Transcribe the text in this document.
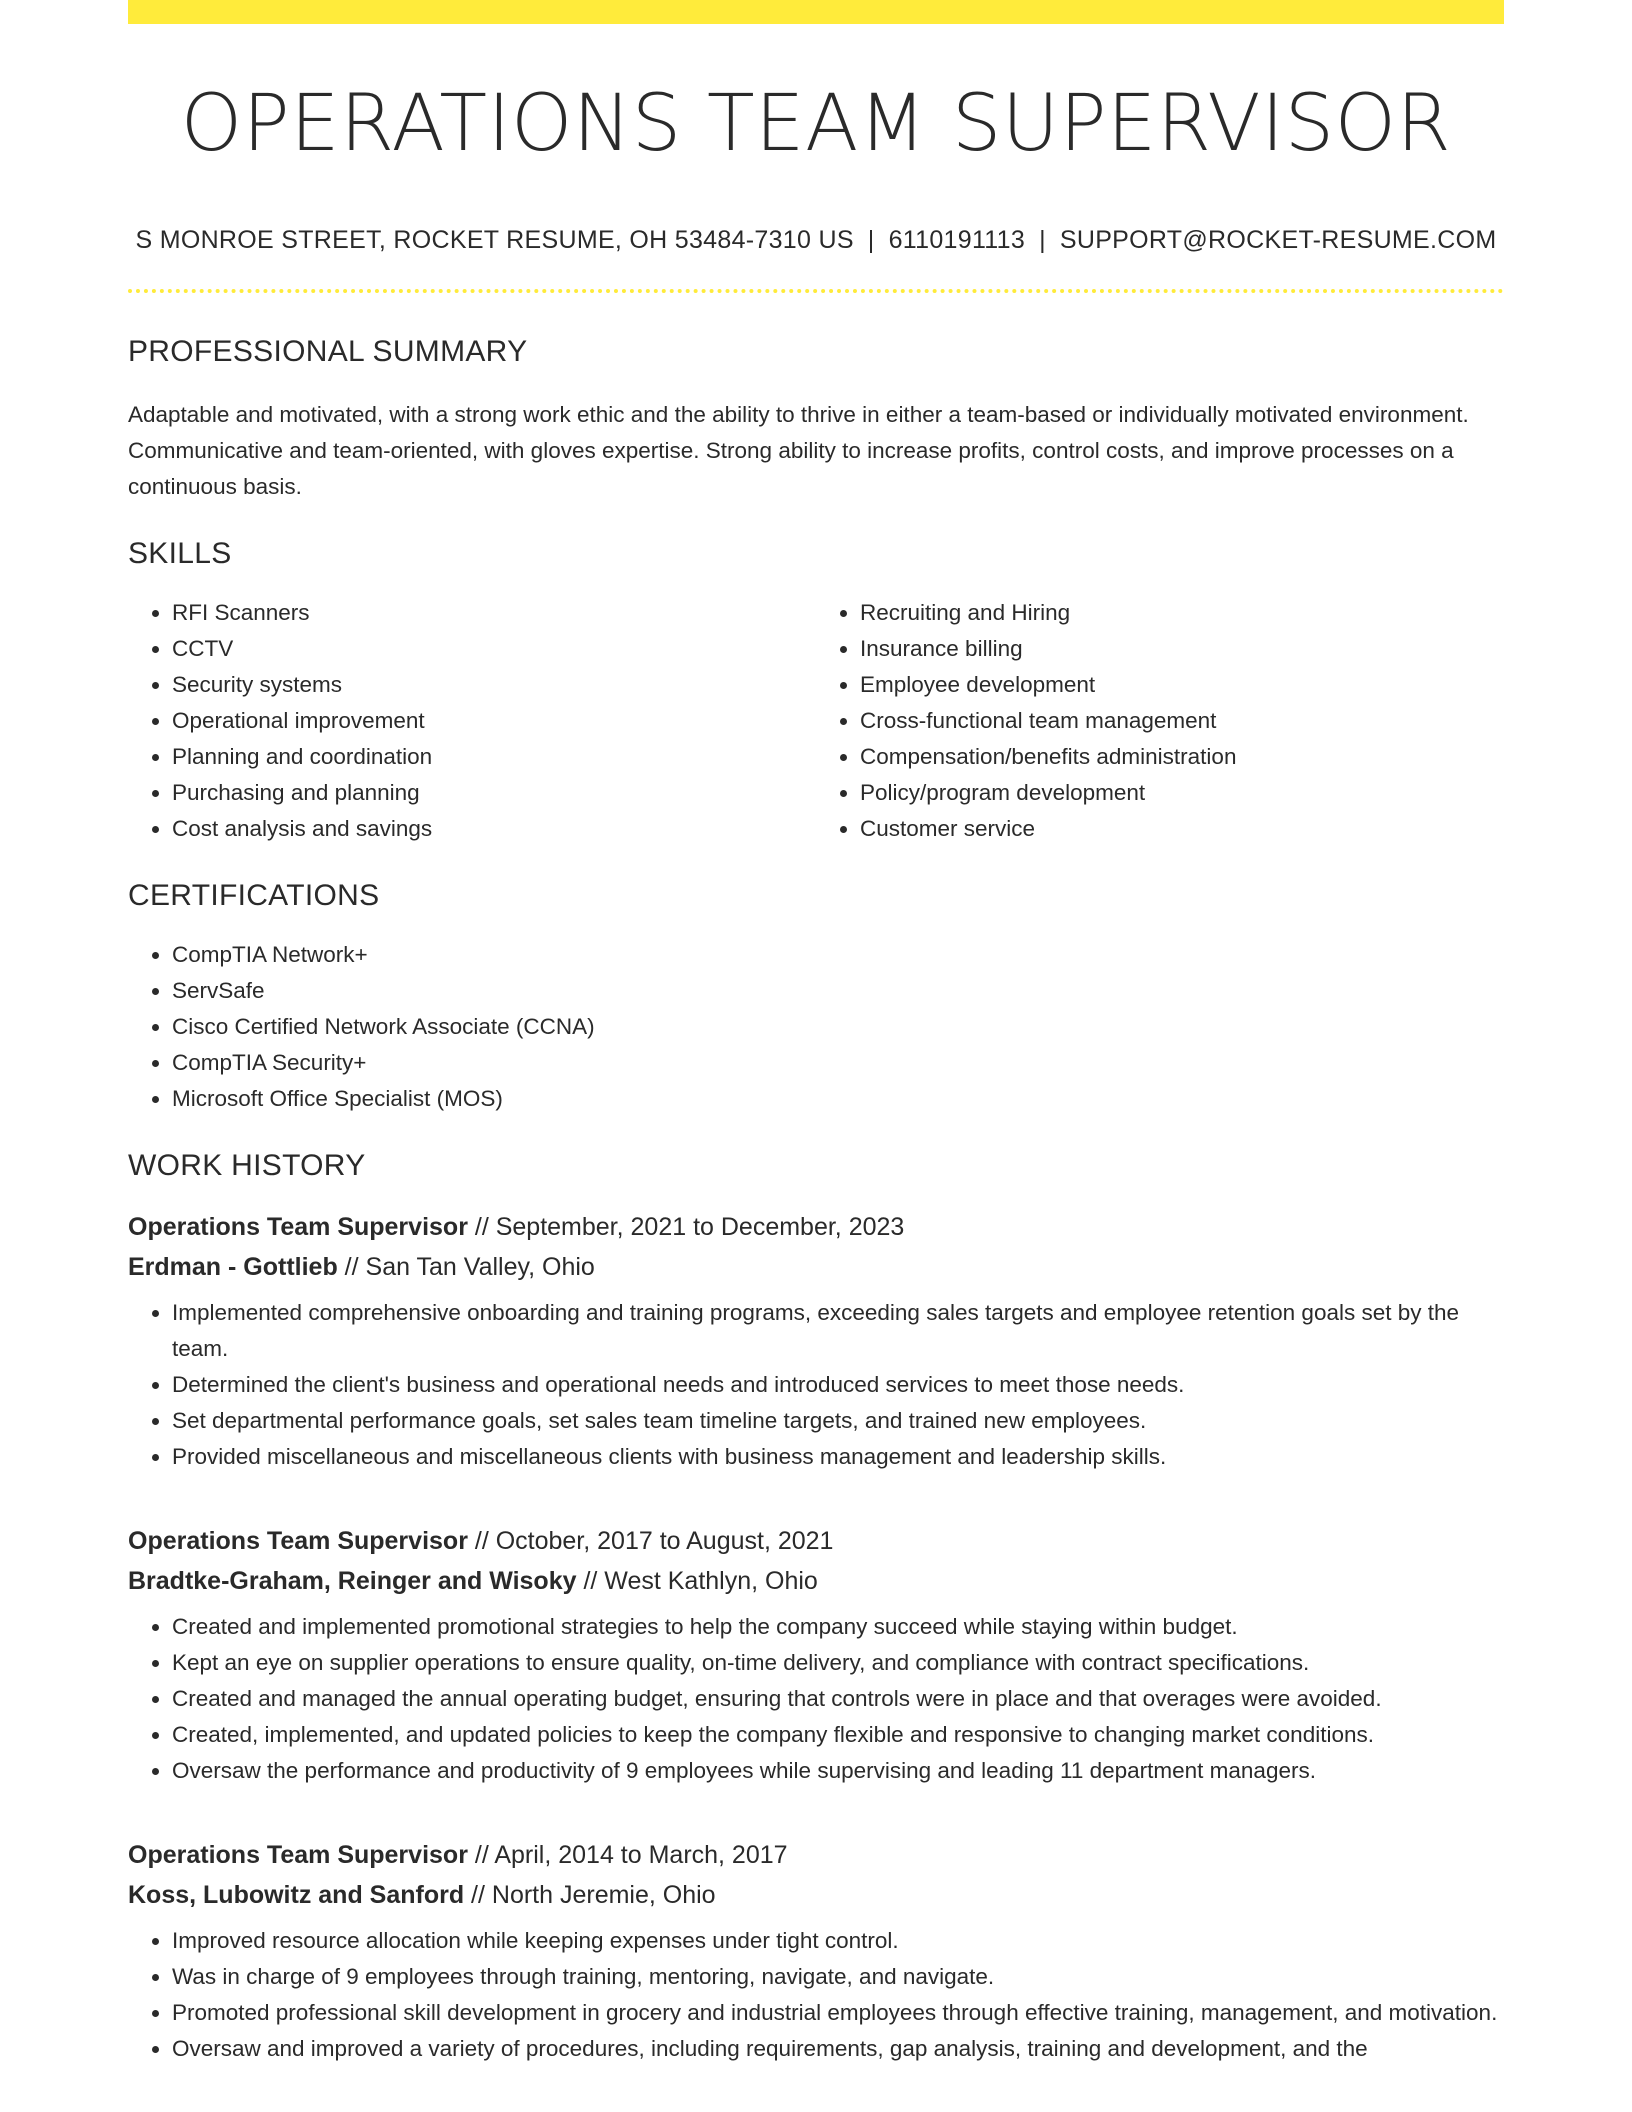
OPERATIONS TEAM SUPERVISOR
S MONROE STREET, ROCKET RESUME, OH 53484-7310 US | 6110191113 | SUPPORT@ROCKET-RESUME.COM
PROFESSIONAL SUMMARY

Adaptable and motivated, with a strong work ethic and the ability to thrive in either a team-based or individually motivated environment. Communicative and team-oriented, with gloves expertise. Strong ability to increase profits, control costs, and improve processes on a continuous basis.

SKILLS
• RFI Scanners
• CCTV
• Security systems
• Operational improvement
• Planning and coordination
• Purchasing and planning
• Cost analysis and savings
• Recruiting and Hiring
• Insurance billing
• Employee development
• Cross-functional team management
• Compensation/benefits administration
• Policy/program development
• Customer service
CERTIFICATIONS
• CompTIA Network+
• ServSafe
• Cisco Certified Network Associate (CCNA)
• CompTIA Security+
• Microsoft Office Specialist (MOS)
WORK HISTORY
Operations Team Supervisor // September, 2021 to December, 2023
Erdman - Gottlieb // San Tan Valley, Ohio
• Implemented comprehensive onboarding and training programs, exceeding sales targets and employee retention goals set by the team.
• Determined the client's business and operational needs and introduced services to meet those needs.
• Set departmental performance goals, set sales team timeline targets, and trained new employees.
• Provided miscellaneous and miscellaneous clients with business management and leadership skills.
Operations Team Supervisor // October, 2017 to August, 2021
Bradtke-Graham, Reinger and Wisoky // West Kathlyn, Ohio
• Created and implemented promotional strategies to help the company succeed while staying within budget.
• Kept an eye on supplier operations to ensure quality, on-time delivery, and compliance with contract specifications.
• Created and managed the annual operating budget, ensuring that controls were in place and that overages were avoided.
• Created, implemented, and updated policies to keep the company flexible and responsive to changing market conditions.
• Oversaw the performance and productivity of 9 employees while supervising and leading 11 department managers.
Operations Team Supervisor // April, 2014 to March, 2017
Koss, Lubowitz and Sanford // North Jeremie, Ohio
• Improved resource allocation while keeping expenses under tight control.
• Was in charge of 9 employees through training, mentoring, navigate, and navigate.
• Promoted professional skill development in grocery and industrial employees through effective training, management, and motivation.
• Oversaw and improved a variety of procedures, including requirements, gap analysis, training and development, and the
